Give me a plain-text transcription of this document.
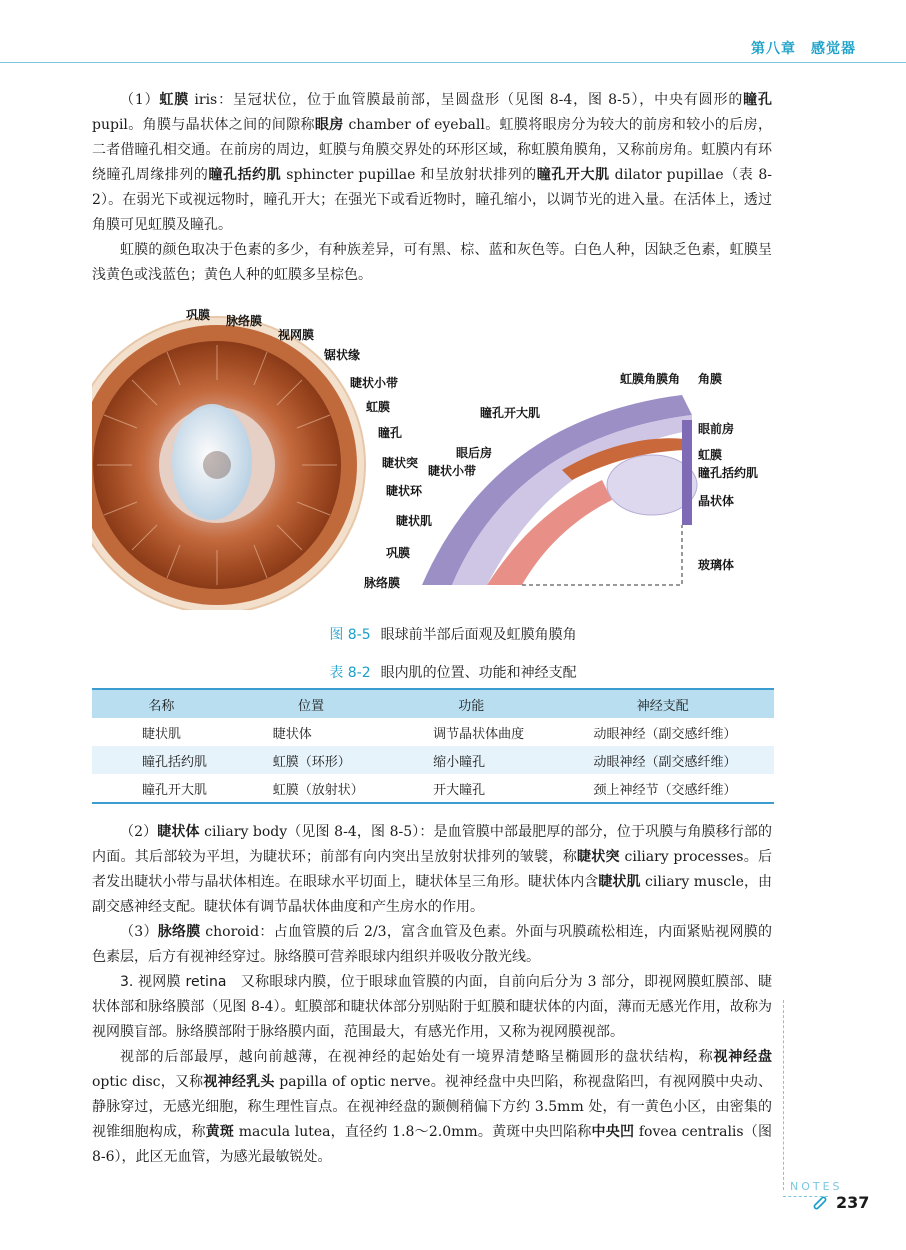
第八章　感觉器

（1）虹膜 iris：呈冠状位，位于血管膜最前部，呈圆盘形（见图 8-4，图 8-5），中央有圆形的瞳孔 pupil。角膜与晶状体之间的间隙称眼房 chamber of eyeball。虹膜将眼房分为较大的前房和较小的后房，二者借瞳孔相交通。在前房的周边，虹膜与角膜交界处的环形区域，称虹膜角膜角，又称前房角。虹膜内有环绕瞳孔周缘排列的瞳孔括约肌 sphincter pupillae 和呈放射状排列的瞳孔开大肌 dilator pupillae（表 8-2）。在弱光下或视远物时，瞳孔开大；在强光下或看近物时，瞳孔缩小，以调节光的进入量。在活体上，透过角膜可见虹膜及瞳孔。

虹膜的颜色取决于色素的多少，有种族差异，可有黑、棕、蓝和灰色等。白色人种，因缺乏色素，虹膜呈浅黄色或浅蓝色；黄色人种的虹膜多呈棕色。

巩膜 脉络膜
视网膜
锯状缘
睫状小带
虹膜
瞳孔
睫状突
睫状环
虹膜角膜角 角膜
瞳孔开大肌
眼前房
眼后房	虹膜
睫状小带	瞳孔括约肌
晶状体
睫状肌
巩膜
玻璃体
脉络膜
图 8-5 眼球前半部后面观及虹膜角膜角
表 8-2 眼内肌的位置、功能和神经支配
名称	位置	功能	神经支配
睫状肌	睫状体	调节晶状体曲度	动眼神经（副交感纤维）
瞳孔括约肌	虹膜（环形）	缩小瞳孔	动眼神经（副交感纤维）
瞳孔开大肌	虹膜（放射状）	开大瞳孔	颈上神经节（交感纤维）

（2）睫状体 ciliary body（见图 8-4，图 8-5）：是血管膜中部最肥厚的部分，位于巩膜与角膜移行部的内面。其后部较为平坦，为睫状环；前部有向内突出呈放射状排列的皱襞，称睫状突 ciliary processes。后者发出睫状小带与晶状体相连。在眼球水平切面上，睫状体呈三角形。睫状体内含睫状肌 ciliary muscle，由副交感神经支配。睫状体有调节晶状体曲度和产生房水的作用。

（3）脉络膜 choroid：占血管膜的后 2/3，富含血管及色素。外面与巩膜疏松相连，内面紧贴视网膜的色素层，后方有视神经穿过。脉络膜可营养眼球内组织并吸收分散光线。

3. 视网膜 retina　又称眼球内膜，位于眼球血管膜的内面，自前向后分为 3 部分，即视网膜虹膜部、睫状体部和脉络膜部（见图 8-4）。虹膜部和睫状体部分别贴附于虹膜和睫状体的内面，薄而无感光作用，故称为视网膜盲部。脉络膜部附于脉络膜内面，范围最大，有感光作用，又称为视网膜视部。

视部的后部最厚，越向前越薄，在视神经的起始处有一境界清楚略呈椭圆形的盘状结构，称视神经盘 optic disc，又称视神经乳头 papilla of optic nerve。视神经盘中央凹陷，称视盘陷凹，有视网膜中央动、静脉穿过，无感光细胞，称生理性盲点。在视神经盘的颞侧稍偏下方约 3.5mm 处，有一黄色小区，由密集的视锥细胞构成，称黄斑 macula lutea，直径约 1.8～2.0mm。黄斑中央凹陷称中央凹 fovea centralis（图 8-6），此区无血管，为感光最敏锐处。

NOTES
237
